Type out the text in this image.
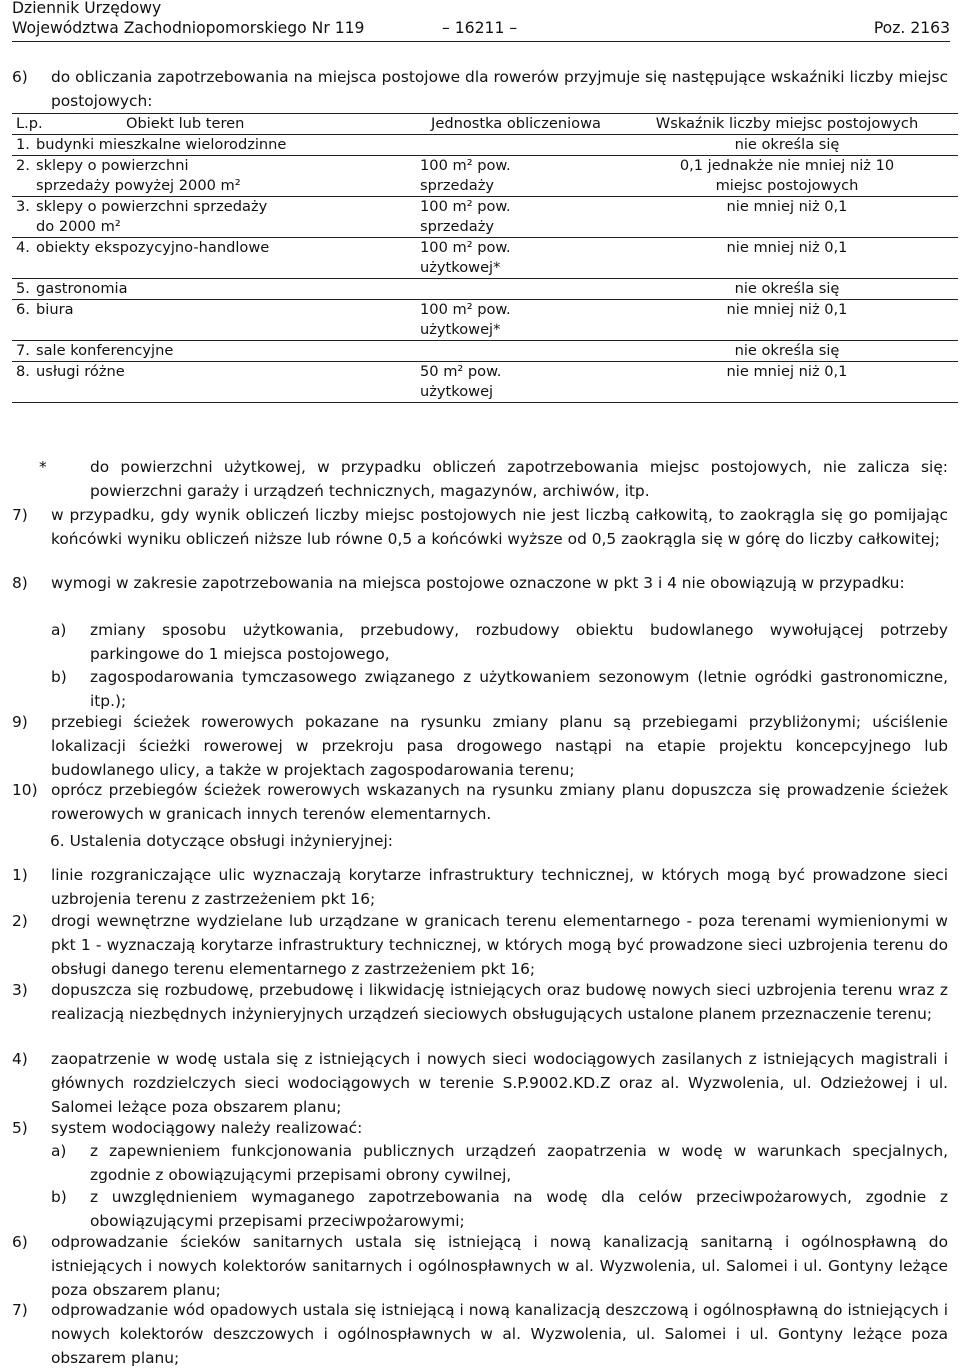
Dziennik Urzędowy
Województwa Zachodniopomorskiego Nr 119	– 16211 –	Poz. 2163
6) do obliczania zapotrzebowania na miejsca postojowe dla rowerów przyjmuje się następujące wskaźniki liczby miejsc postojowych:
L.p. Obiekt lub teren	Jednostka obliczeniowa	Wskaźnik liczby miejsc postojowych
1. budynki mieszkalne wielorodzinne		nie określa się

2. sklepy o powierzchni sprzedaży powyżej 2000 m²	100 m² pow. sprzedaży	0,1 jednakże nie mniej niż 10 miejsc postojowych

3. sklepy o powierzchni sprzedaży do 2000 m²	100 m² pow. sprzedaży	nie mniej niż 0,1
4. obiekty ekspozycyjno-handlowe	100 m² pow. użytkowej*	nie mniej niż 0,1
5. gastronomia		nie określa się
6. biura	100 m² pow. użytkowej*	nie mniej niż 0,1
7. sale konferencyjne		nie określa się
8. usługi różne	50 m² pow. użytkowej	nie mniej niż 0,1
*	do powierzchni użytkowej, w przypadku obliczeń zapotrzebowania miejsc postojowych, nie zalicza się: powierzchni garaży i urządzeń technicznych, magazynów, archiwów, itp.
7) w przypadku, gdy wynik obliczeń liczby miejsc postojowych nie jest liczbą całkowitą, to zaokrągla się go pomijając końcówki wyniku obliczeń niższe lub równe 0,5 a końcówki wyższe od 0,5 zaokrągla się w górę do liczby całkowitej;
8) wymogi w zakresie zapotrzebowania na miejsca postojowe oznaczone w pkt 3 i 4 nie obowiązują w przypadku:
a) zmiany sposobu użytkowania, przebudowy, rozbudowy obiektu budowlanego wywołującej potrzeby parkingowe do 1 miejsca postojowego,
b) zagospodarowania tymczasowego związanego z użytkowaniem sezonowym (letnie ogródki gastronomiczne, itp.);
9) przebiegi ścieżek rowerowych pokazane na rysunku zmiany planu są przebiegami przybliżonymi; uściślenie lokalizacji ścieżki rowerowej w przekroju pasa drogowego nastąpi na etapie projektu koncepcyjnego lub budowlanego ulicy, a także w projektach zagospodarowania terenu;
10) oprócz przebiegów ścieżek rowerowych wskazanych na rysunku zmiany planu dopuszcza się prowadzenie ścieżek rowerowych w granicach innych terenów elementarnych.
6. Ustalenia dotyczące obsługi inżynieryjnej:
1) linie rozgraniczające ulic wyznaczają korytarze infrastruktury technicznej, w których mogą być prowadzone sieci uzbrojenia terenu z zastrzeżeniem pkt 16;
2) drogi wewnętrzne wydzielane lub urządzane w granicach terenu elementarnego - poza terenami wymienionymi w pkt 1 - wyznaczają korytarze infrastruktury technicznej, w których mogą być prowadzone sieci uzbrojenia terenu do obsługi danego terenu elementarnego z zastrzeżeniem pkt 16;
3) dopuszcza się rozbudowę, przebudowę i likwidację istniejących oraz budowę nowych sieci uzbrojenia terenu wraz z realizacją niezbędnych inżynieryjnych urządzeń sieciowych obsługujących ustalone planem przeznaczenie terenu;
4) zaopatrzenie w wodę ustala się z istniejących i nowych sieci wodociągowych zasilanych z istniejących magistrali i głównych rozdzielczych sieci wodociągowych w terenie S.P.9002.KD.Z oraz al. Wyzwolenia, ul. Odzieżowej i ul. Salomei leżące poza obszarem planu;
5) system wodociągowy należy realizować:
a) z zapewnieniem funkcjonowania publicznych urządzeń zaopatrzenia w wodę w warunkach specjalnych, zgodnie z obowiązującymi przepisami obrony cywilnej,
b) z uwzględnieniem wymaganego zapotrzebowania na wodę dla celów przeciwpożarowych, zgodnie z obowiązującymi przepisami przeciwpożarowymi;
6) odprowadzanie ścieków sanitarnych ustala się istniejącą i nową kanalizacją sanitarną i ogólnospławną do istniejących i nowych kolektorów sanitarnych i ogólnospławnych w al. Wyzwolenia, ul. Salomei i ul. Gontyny leżące poza obszarem planu;
7) odprowadzanie wód opadowych ustala się istniejącą i nową kanalizacją deszczową i ogólnospławną do istniejących i nowych kolektorów deszczowych i ogólnospławnych w al. Wyzwolenia, ul. Salomei i ul. Gontyny leżące poza obszarem planu;
